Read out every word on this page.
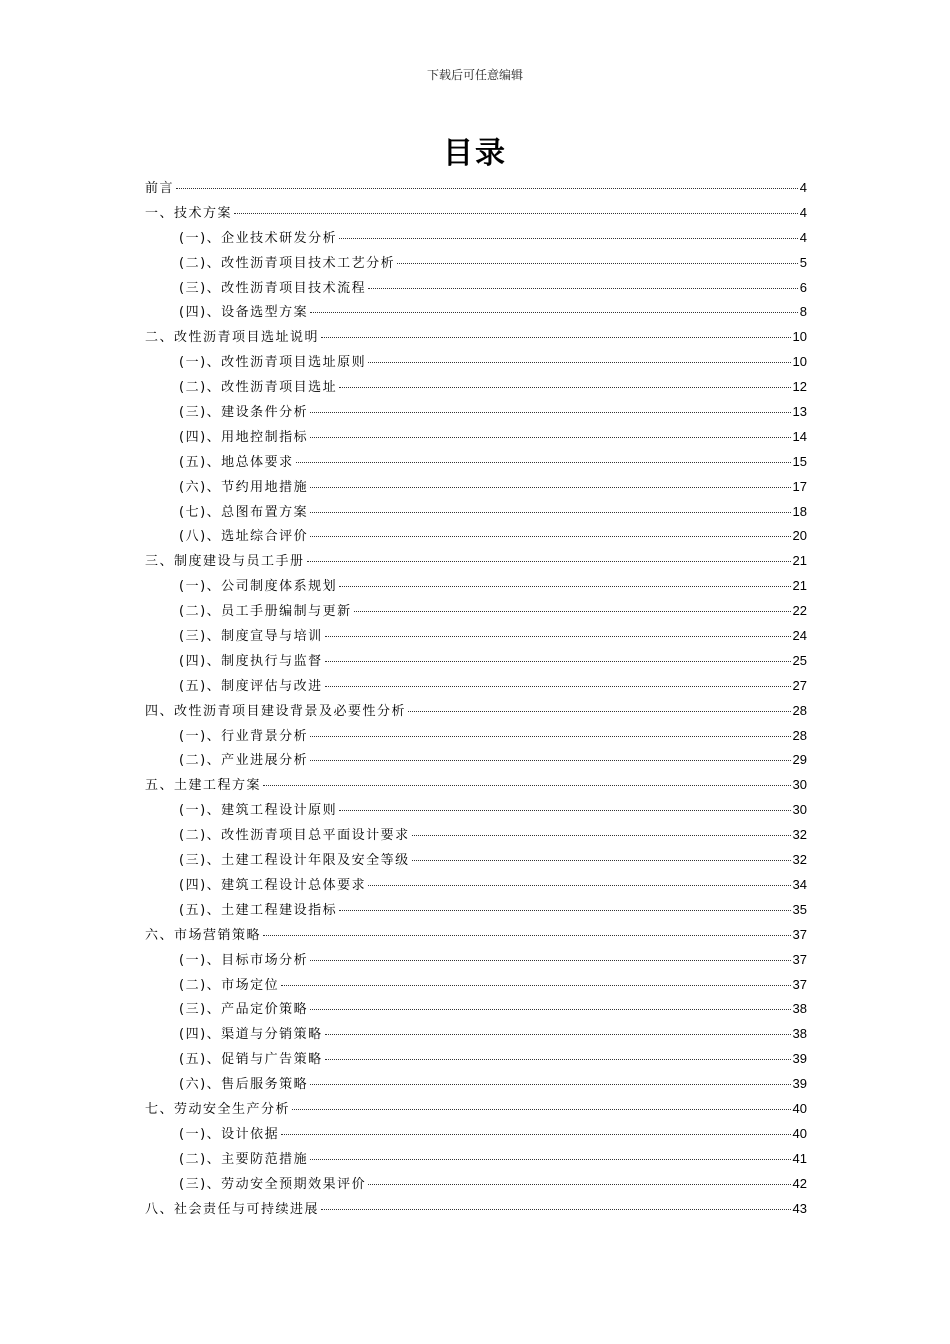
下载后可任意编辑
目录
前言	4
一、技术方案	4
(一)、企业技术研发分析	4
(二)、改性沥青项目技术工艺分析	5
(三)、改性沥青项目技术流程	6
(四)、设备选型方案	8
二、改性沥青项目选址说明	10
(一)、改性沥青项目选址原则	10
(二)、改性沥青项目选址	12
(三)、建设条件分析	13
(四)、用地控制指标	14
(五)、地总体要求	15
(六)、节约用地措施	17
(七)、总图布置方案	18
(八)、选址综合评价	20
三、制度建设与员工手册	21
(一)、公司制度体系规划	21
(二)、员工手册编制与更新	22
(三)、制度宣导与培训	24
(四)、制度执行与监督	25
(五)、制度评估与改进	27
四、改性沥青项目建设背景及必要性分析	28
(一)、行业背景分析	28
(二)、产业进展分析	29
五、土建工程方案	30
(一)、建筑工程设计原则	30
(二)、改性沥青项目总平面设计要求	32
(三)、土建工程设计年限及安全等级	32
(四)、建筑工程设计总体要求	34
(五)、土建工程建设指标	35
六、市场营销策略	37
(一)、目标市场分析	37
(二)、市场定位	37
(三)、产品定价策略	38
(四)、渠道与分销策略	38
(五)、促销与广告策略	39
(六)、售后服务策略	39
七、劳动安全生产分析	40
(一)、设计依据	40
(二)、主要防范措施	41
(三)、劳动安全预期效果评价	42
八、社会责任与可持续进展	43
